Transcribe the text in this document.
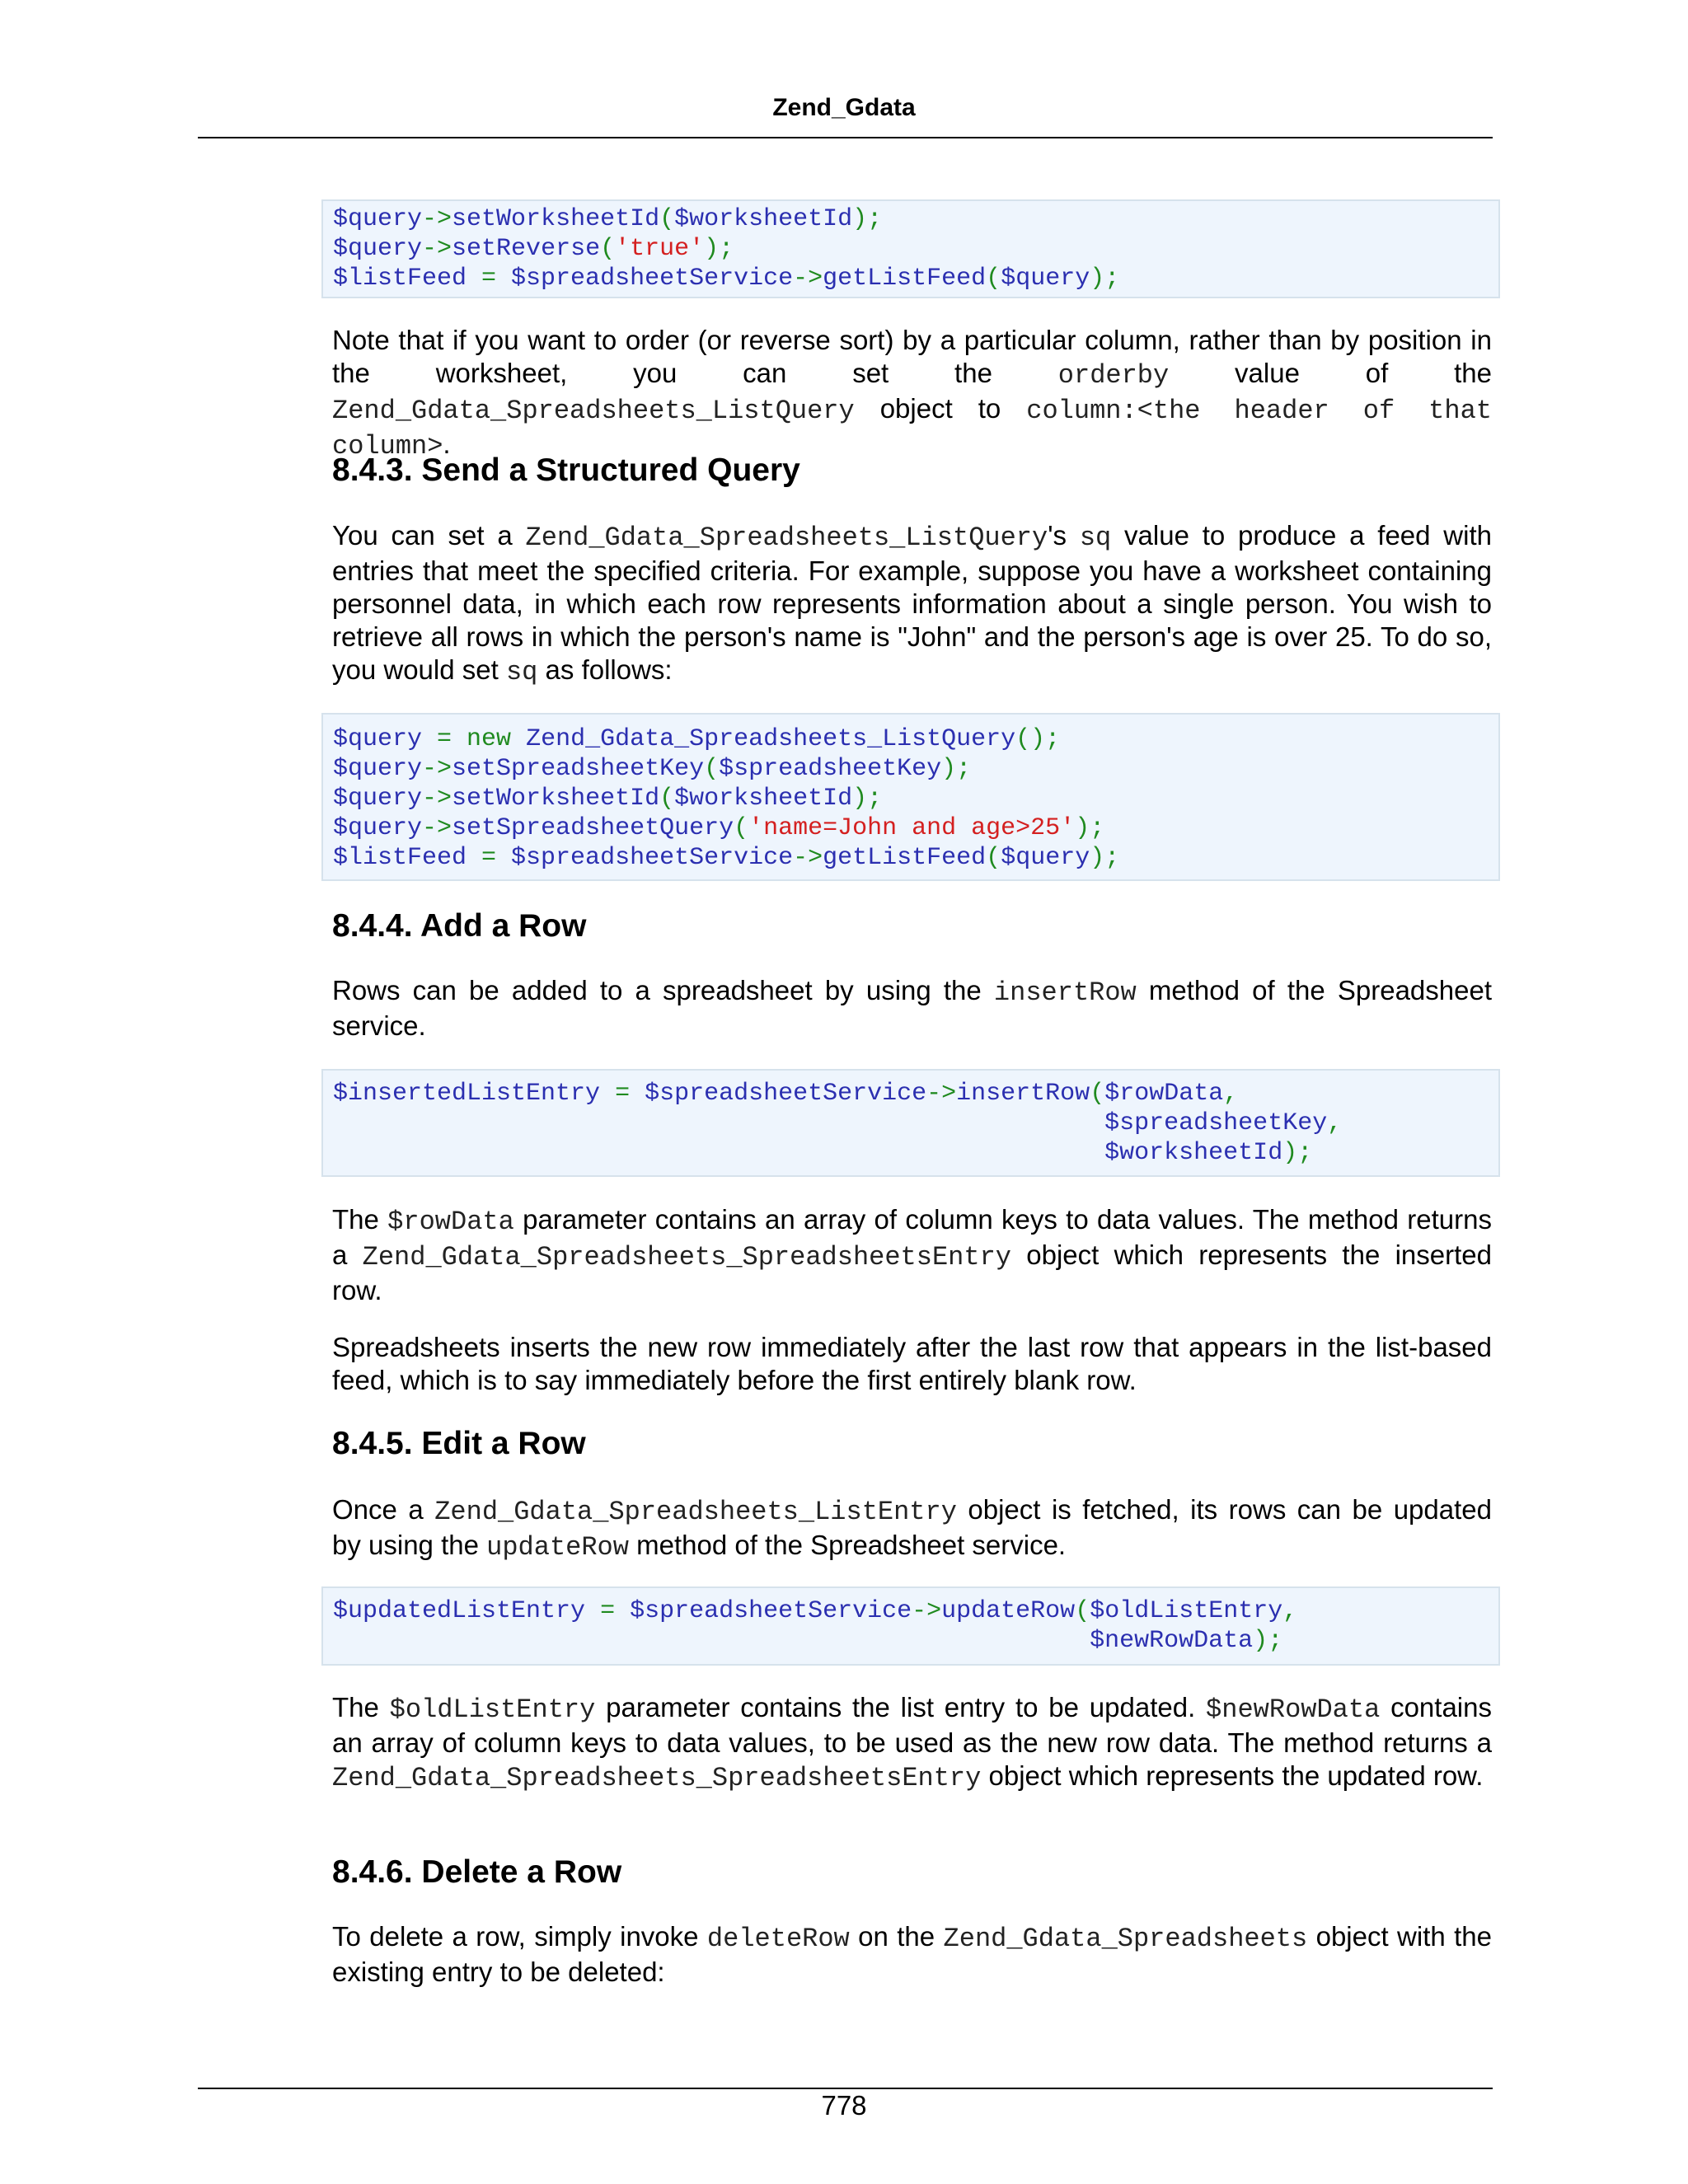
Zend_Gdata
$query->setWorksheetId($worksheetId);
$query->setReverse('true');
$listFeed = $spreadsheetService->getListFeed($query);

Note that if you want to order (or reverse sort) by a particular column, rather than by position in the worksheet, you can set the orderby value of the Zend_Gdata_Spreadsheets_ListQuery object to column:<the header of that column>.

8.4.3. Send a Structured Query

You can set a Zend_Gdata_Spreadsheets_ListQuery's sq value to produce a feed with entries that meet the specified criteria. For example, suppose you have a worksheet containing personnel data, in which each row represents information about a single person. You wish to retrieve all rows in which the person's name is "John" and the person's age is over 25. To do so, you would set sq as follows:

$query = new Zend_Gdata_Spreadsheets_ListQuery();
$query->setSpreadsheetKey($spreadsheetKey);
$query->setWorksheetId($worksheetId);
$query->setSpreadsheetQuery('name=John and age>25');
$listFeed = $spreadsheetService->getListFeed($query);
8.4.4. Add a Row

Rows can be added to a spreadsheet by using the insertRow method of the Spreadsheet service.

$insertedListEntry = $spreadsheetService->insertRow($rowData,
$spreadsheetKey,
$worksheetId);

The $rowData parameter contains an array of column keys to data values. The method returns a Zend_Gdata_Spreadsheets_SpreadsheetsEntry object which represents the inserted row.

Spreadsheets inserts the new row immediately after the last row that appears in the list-based feed, which is to say immediately before the first entirely blank row.

8.4.5. Edit a Row

Once a Zend_Gdata_Spreadsheets_ListEntry object is fetched, its rows can be updated by using the updateRow method of the Spreadsheet service.

$updatedListEntry = $spreadsheetService->updateRow($oldListEntry,
$newRowData);

The $oldListEntry parameter contains the list entry to be updated. $newRowData contains an array of column keys to data values, to be used as the new row data. The method returns a Zend_Gdata_Spreadsheets_SpreadsheetsEntry object which represents the updated row.

8.4.6. Delete a Row

To delete a row, simply invoke deleteRow on the Zend_Gdata_Spreadsheets object with the existing entry to be deleted:

778
